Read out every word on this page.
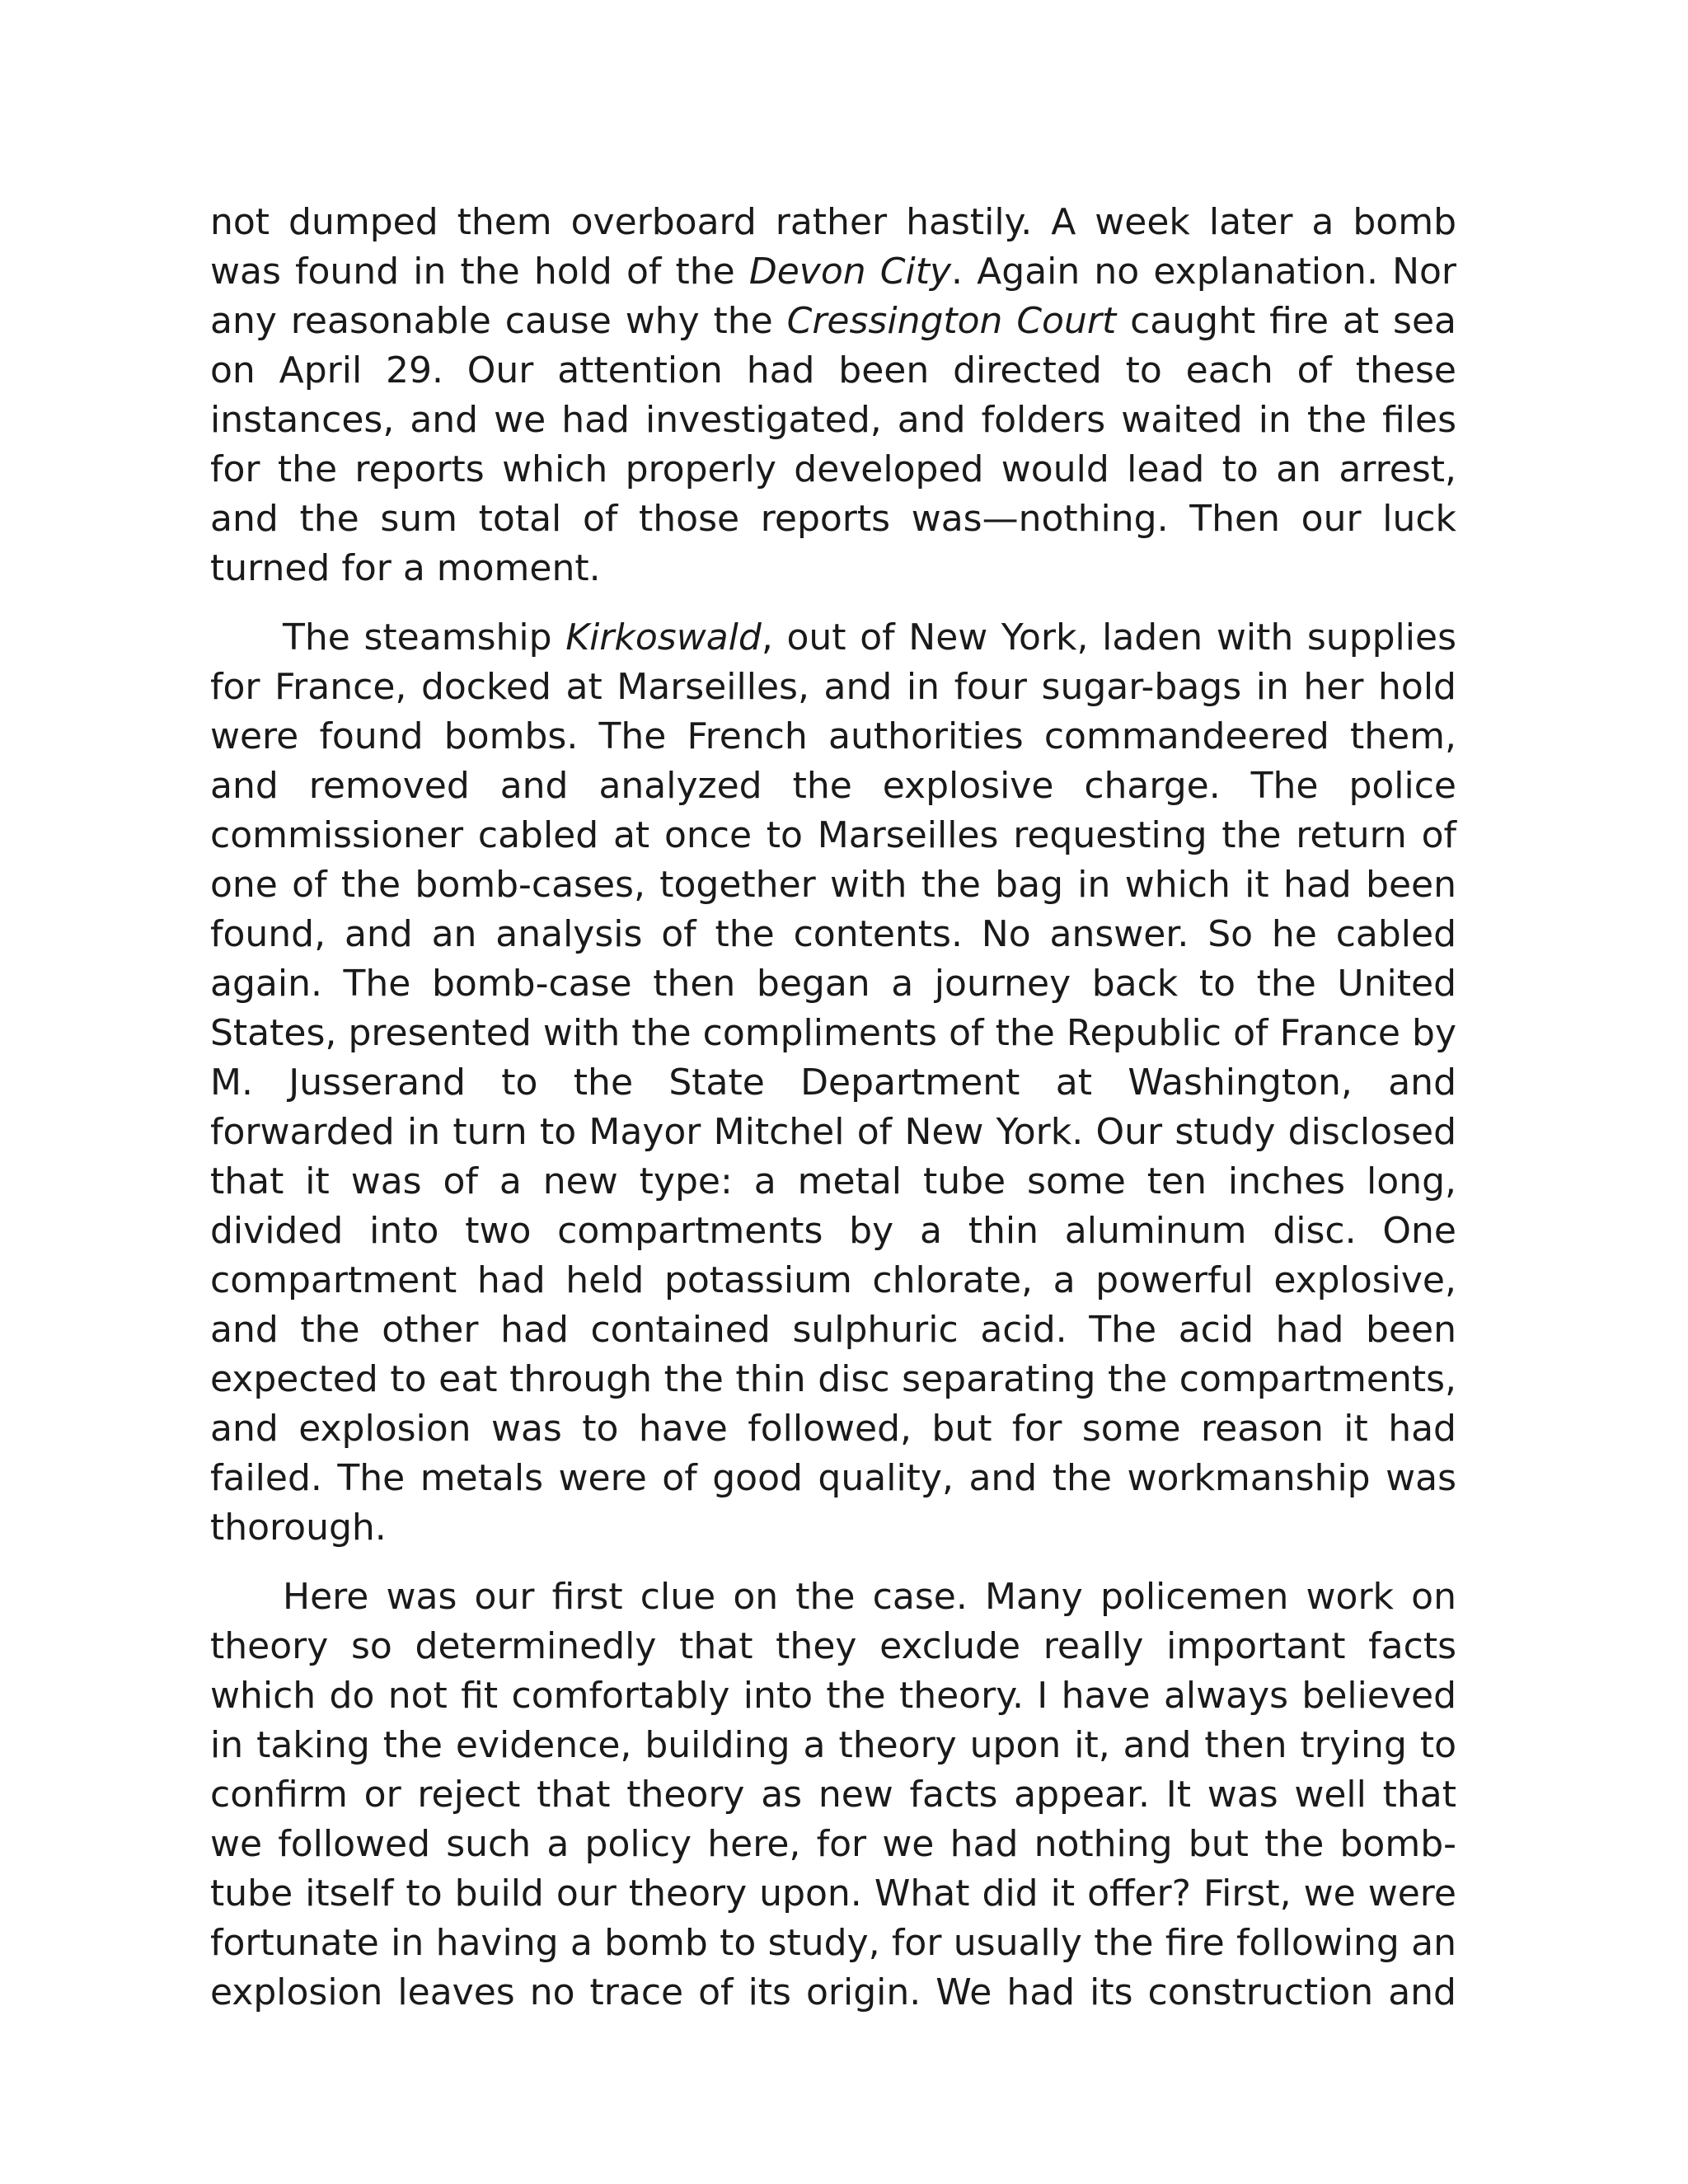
not dumped them overboard rather hastily. A week later a bomb was found in the hold of the Devon City. Again no explanation. Nor any reasonable cause why the Cressington Court caught fire at sea on April 29. Our attention had been directed to each of these instances, and we had investigated, and folders waited in the files for the reports which properly developed would lead to an arrest, and the sum total of those reports was—nothing. Then our luck turned for a moment.

The steamship Kirkoswald, out of New York, laden with supplies for France, docked at Marseilles, and in four sugar-bags in her hold were found bombs. The French authorities commandeered them, and removed and analyzed the explosive charge. The police commissioner cabled at once to Marseilles requesting the return of one of the bomb-cases, together with the bag in which it had been found, and an analysis of the contents. No answer. So he cabled again. The bomb-case then began a journey back to the United States, presented with the compliments of the Republic of France by M. Jusserand to the State Department at Washington, and forwarded in turn to Mayor Mitchel of New York. Our study disclosed that it was of a new type: a metal tube some ten inches long, divided into two compartments by a thin aluminum disc. One compartment had held potassium chlorate, a powerful explosive, and the other had contained sulphuric acid. The acid had been expected to eat through the thin disc separating the compartments, and explosion was to have followed, but for some reason it had failed. The metals were of good quality, and the workmanship was thorough.

Here was our first clue on the case. Many policemen work on theory so determinedly that they exclude really important facts which do not fit comfortably into the theory. I have always believed in taking the evidence, building a theory upon it, and then trying to confirm or reject that theory as new facts appear. It was well that we followed such a policy here, for we had nothing but the bomb-tube itself to build our theory upon. What did it offer? First, we were fortunate in having a bomb to study, for usually the fire following an explosion leaves no trace of its origin. We had its construction and
